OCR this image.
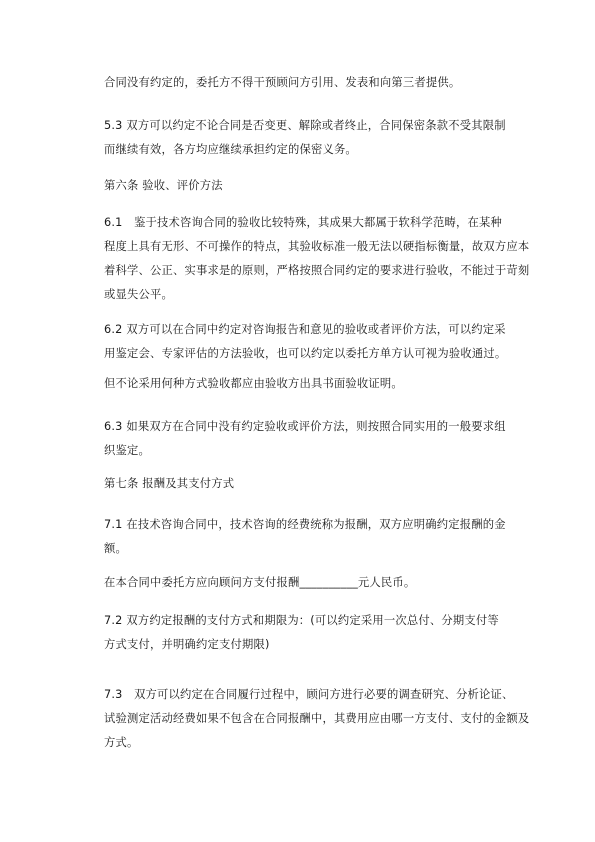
合同没有约定的，委托方不得干预顾问方引用、发表和向第三者提供。

5.3 双方可以约定不论合同是否变更、解除或者终止，合同保密条款不受其限制
而继续有效，各方均应继续承担约定的保密义务。

第六条 验收、评价方法

6.1　鉴于技术咨询合同的验收比较特殊，其成果大都属于软科学范畴，在某种
程度上具有无形、不可操作的特点，其验收标准一般无法以硬指标衡量，故双方应本
着科学、公正、实事求是的原则，严格按照合同约定的要求进行验收，不能过于苛刻
或显失公平。

6.2 双方可以在合同中约定对咨询报告和意见的验收或者评价方法，可以约定采
用鉴定会、专家评估的方法验收，也可以约定以委托方单方认可视为验收通过。

但不论采用何种方式验收都应由验收方出具书面验收证明。

6.3 如果双方在合同中没有约定验收或评价方法，则按照合同实用的一般要求组
织鉴定。

第七条 报酬及其支付方式

7.1 在技术咨询合同中，技术咨询的经费统称为报酬，双方应明确约定报酬的金
额。

在本合同中委托方应向顾问方支付报酬__________元人民币。

7.2 双方约定报酬的支付方式和期限为：(可以约定采用一次总付、分期支付等
方式支付，并明确约定支付期限)

7.3　双方可以约定在合同履行过程中，顾问方进行必要的调查研究、分析论证、
试验测定活动经费如果不包含在合同报酬中，其费用应由哪一方支付、支付的金额及
方式。
